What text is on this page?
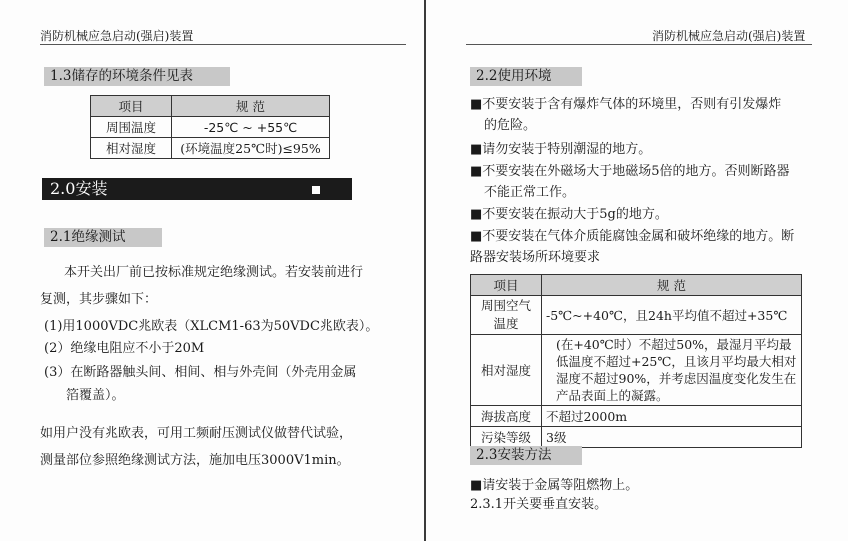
消防机械应急启动(强启)装置
1.3储存的环境条件见表
项目	规 范
周围温度	-25℃ ~ +55℃
相对湿度	(环境温度25℃时)≤95%
2.0安装
2.1绝缘测试
本开关出厂前已按标准规定绝缘测试。若安装前进行
复测，其步骤如下：
(1)用1000VDC兆欧表（XLCM1-63为50VDC兆欧表）。
(2）绝缘电阻应不小于20M
(3）在断路器触头间、相间、相与外壳间（外壳用金属
箔覆盖）。
如用户没有兆欧表，可用工频耐压测试仪做替代试验，
测量部位参照绝缘测试方法，施加电压3000V1min。
消防机械应急启动(强启)装置
2.2使用环境
■不要安装于含有爆炸气体的环境里，否则有引发爆炸
的危险。
■请勿安装于特别潮湿的地方。
■不要安装在外磁场大于地磁场5倍的地方。否则断路器
不能正常工作。
■不要安装在振动大于5g的地方。
■不要安装在气体介质能腐蚀金属和破坏绝缘的地方。断
路器安装场所环境要求
项目	规 范

周围空气
温度	-5℃~+40℃，且24h平均值不超过+35℃
相对湿度	(在+40℃时）不超过50%，最湿月平均最
低温度不超过+25℃，且该月平均最大相对
湿度不超过90%，并考虑因温度变化发生在
产品表面上的凝露。

海拔高度	不超过2000m
污染等级	3级
2.3安装方法
■请安装于金属等阻燃物上。
2.3.1开关要垂直安装。
